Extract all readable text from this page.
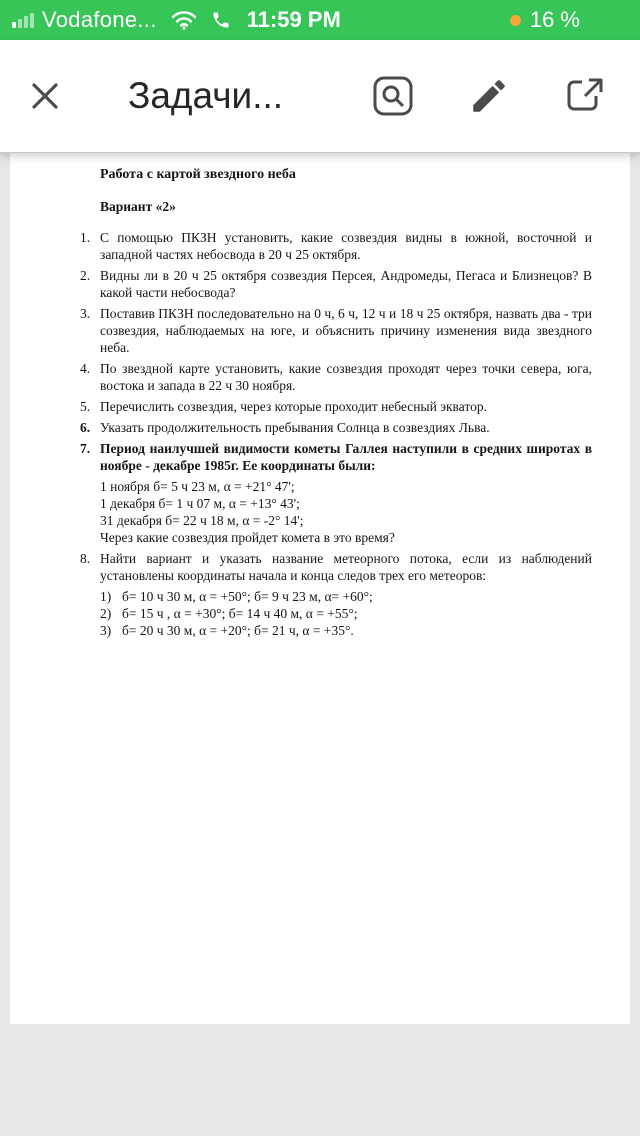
Vodafone...	11:59 PM	16 %
Задачи...

Работа с картой звездного неба

Вариант «2»

1. С помощью ПКЗН установить, какие созвездия видны в южной, восточной и западной частях небосвода в 20 ч 25 октября.
2. Видны ли в 20 ч 25 октября созвездия Персея, Андромеды, Пегаса и Близнецов? В какой части небосвода?
3. Поставив ПКЗН последовательно на 0 ч, 6 ч, 12 ч и 18 ч 25 октября, назвать два - три созвездия, наблюдаемых на юге, и объяснить причину изменения вида звездного неба.
4. По звездной карте установить, какие созвездия проходят через точки севера, юга, востока и запада в 22 ч 30 ноября.
5. Перечислить созвездия, через которые проходит небесный экватор.
6. Указать продолжительность пребывания Солнца в созвездиях Льва.
7. Период наилучшей видимости кометы Галлея наступили в средних широтах в ноябре - декабре 1985г. Ее координаты были:
1 ноября б= 5 ч 23 м, α = +21° 47';
1 декабря б= 1 ч 07 м, α = +13° 43';
31 декабря б= 22 ч 18 м, α = -2° 14';
Через какие созвездия пройдет комета в это время?
8. Найти вариант и указать название метеорного потока, если из наблюдений установлены координаты начала и конца следов трех его метеоров:
1) б= 10 ч 30 м, α = +50°; б= 9 ч 23 м, α= +60°;
2) б= 15 ч , α = +30°; б= 14 ч 40 м, α = +55°;
3) б= 20 ч 30 м, α = +20°; б= 21 ч, α = +35°.
